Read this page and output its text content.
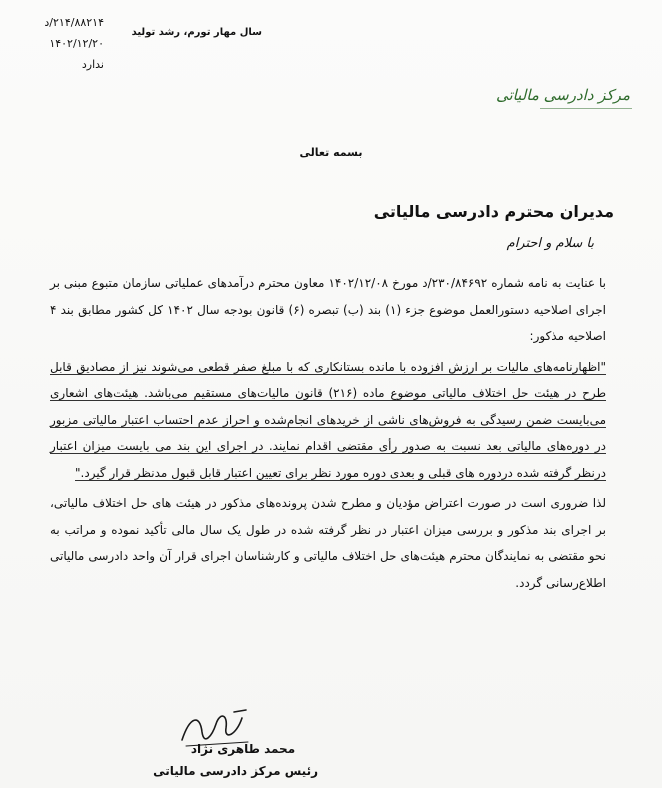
۲۱۴/۸۸۲۱۴/د
۱۴۰۲/۱۲/۲۰
ندارد
سال مهار تورم، رشد تولید
مرکز دادرسی مالیاتی
بسمه تعالی
مدیران محترم دادرسی مالیاتی
با سلام و احترام

با عنایت به نامه شماره ۲۳۰/۸۴۶۹۲/د مورخ ۱۴۰۲/۱۲/۰۸ معاون محترم درآمدهای عملیاتی سازمان متبوع مبنی بر اجرای اصلاحیه دستورالعمل موضوع جزء (۱) بند (ب) تبصره (۶) قانون بودجه سال ۱۴۰۲ کل کشور مطابق بند ۴ اصلاحیه مذکور:

"اظهارنامه‌های مالیات بر ارزش افزوده با مانده بستانکاری که با مبلغ صفر قطعی می‌شوند نیز از مصادیق قابل طرح در هیئت حل اختلاف مالیاتی موضوع ماده (۲۱۶) قانون مالیات‌های مستقیم می‌باشد. هیئت‌های اشعاری می‌بایست ضمن رسیدگی به فروش‌های ناشی از خریدهای انجام‌شده و احراز عدم احتساب اعتبار مالیاتی مزبور در دوره‌های مالیاتی بعد نسبت به صدور رأی مقتضی اقدام نمایند. در اجرای این بند می بایست میزان اعتبار درنظر گرفته شده دردوره های قبلی و بعدی دوره مورد نظر برای تعیین اعتبار قابل قبول مدنظر قرار گیرد."

لذا ضروری است در صورت اعتراض مؤدیان و مطرح شدن پرونده‌های مذکور در هیئت های حل اختلاف مالیاتی، بر اجرای بند مذکور و بررسی میزان اعتبار در نظر گرفته شده در طول یک سال مالی تأکید نموده و مراتب به نحو مقتضی به نمایندگان محترم هیئت‌های حل اختلاف مالیاتی و کارشناسان اجرای قرار آن واحد دادرسی مالیاتی اطلاع‌رسانی گردد.

محمد طاهری نژاد
رئیس مرکز دادرسی مالیاتی
